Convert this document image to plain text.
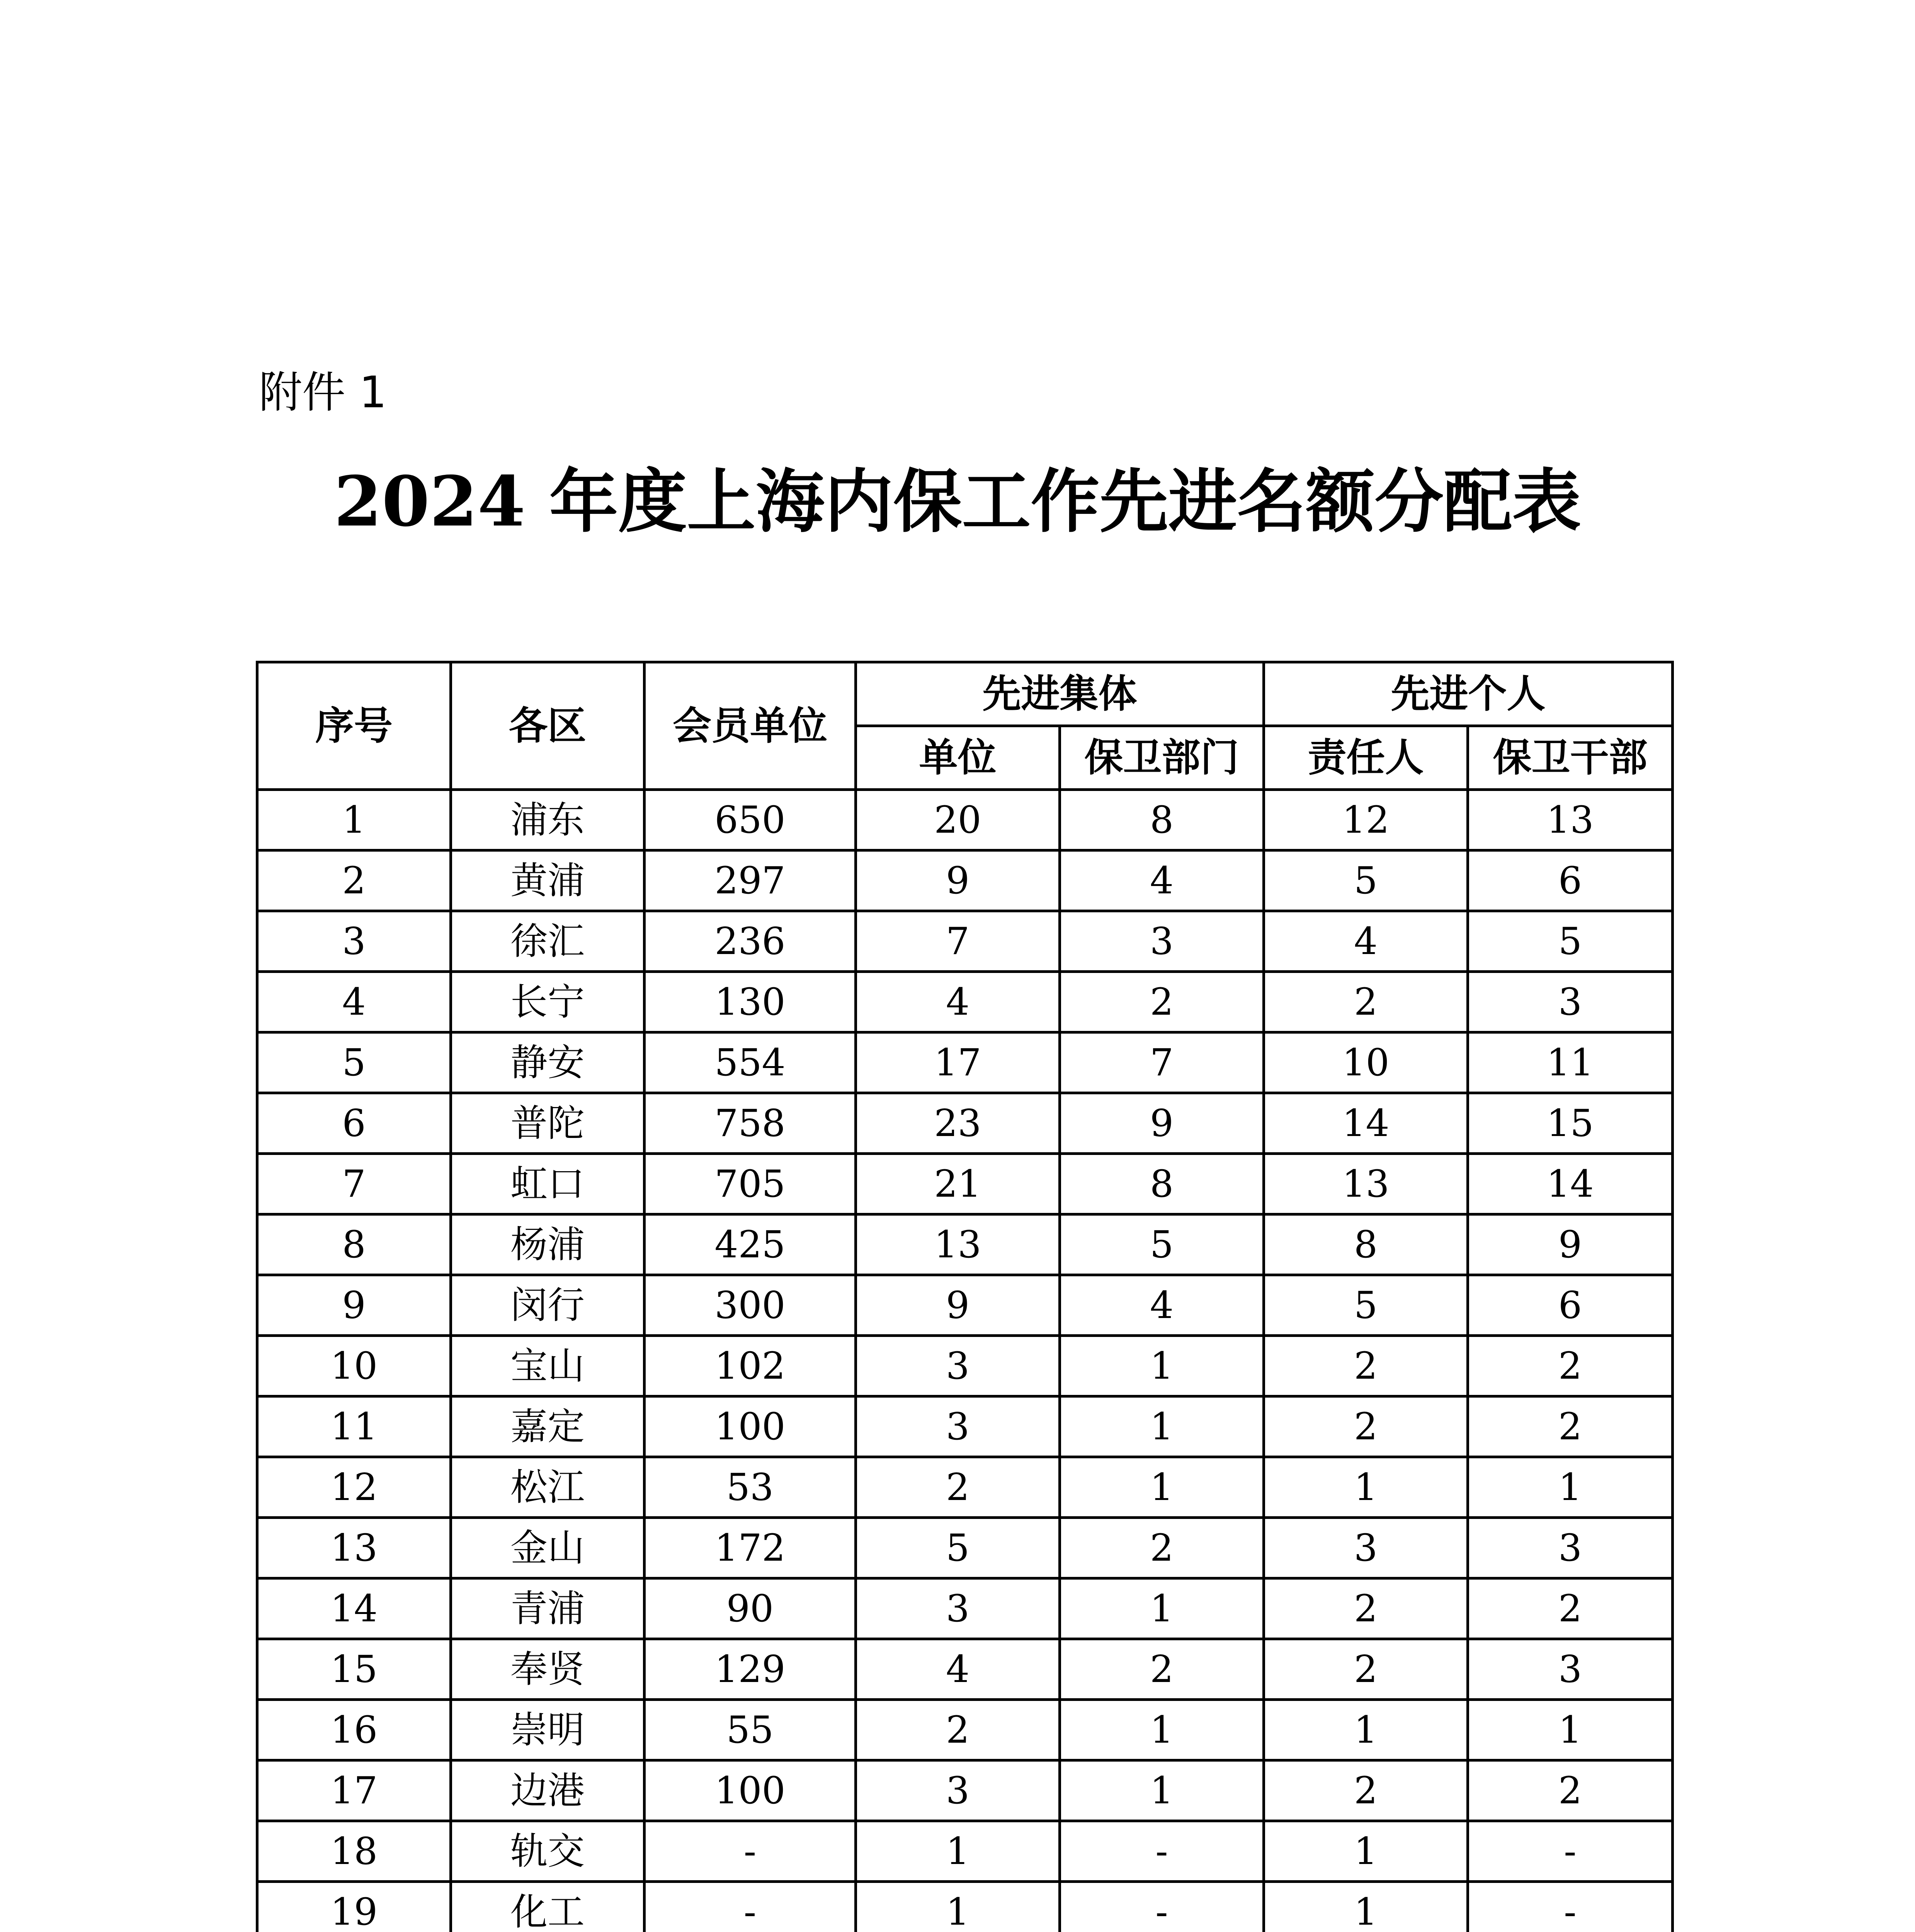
附件 1
2024 年度上海内保工作先进名额分配表
序号	各区	会员单位	先进集体		先进个人	
			单位	保卫部门	责任人	保卫干部
1	浦东	650	20	8	12	13
2	黄浦	297	9	4	5	6
3	徐汇	236	7	3	4	5
4	长宁	130	4	2	2	3
5	静安	554	17	7	10	11
6	普陀	758	23	9	14	15
7	虹口	705	21	8	13	14
8	杨浦	425	13	5	8	9
9	闵行	300	9	4	5	6
10	宝山	102	3	1	2	2
11	嘉定	100	3	1	2	2
12	松江	53	2	1	1	1
13	金山	172	5	2	3	3
14	青浦	90	3	1	2	2
15	奉贤	129	4	2	2	3
16	崇明	55	2	1	1	1
17	边港	100	3	1	2	2
18	轨交	-	1	-	1	-
19	化工	-	1	-	1	-
